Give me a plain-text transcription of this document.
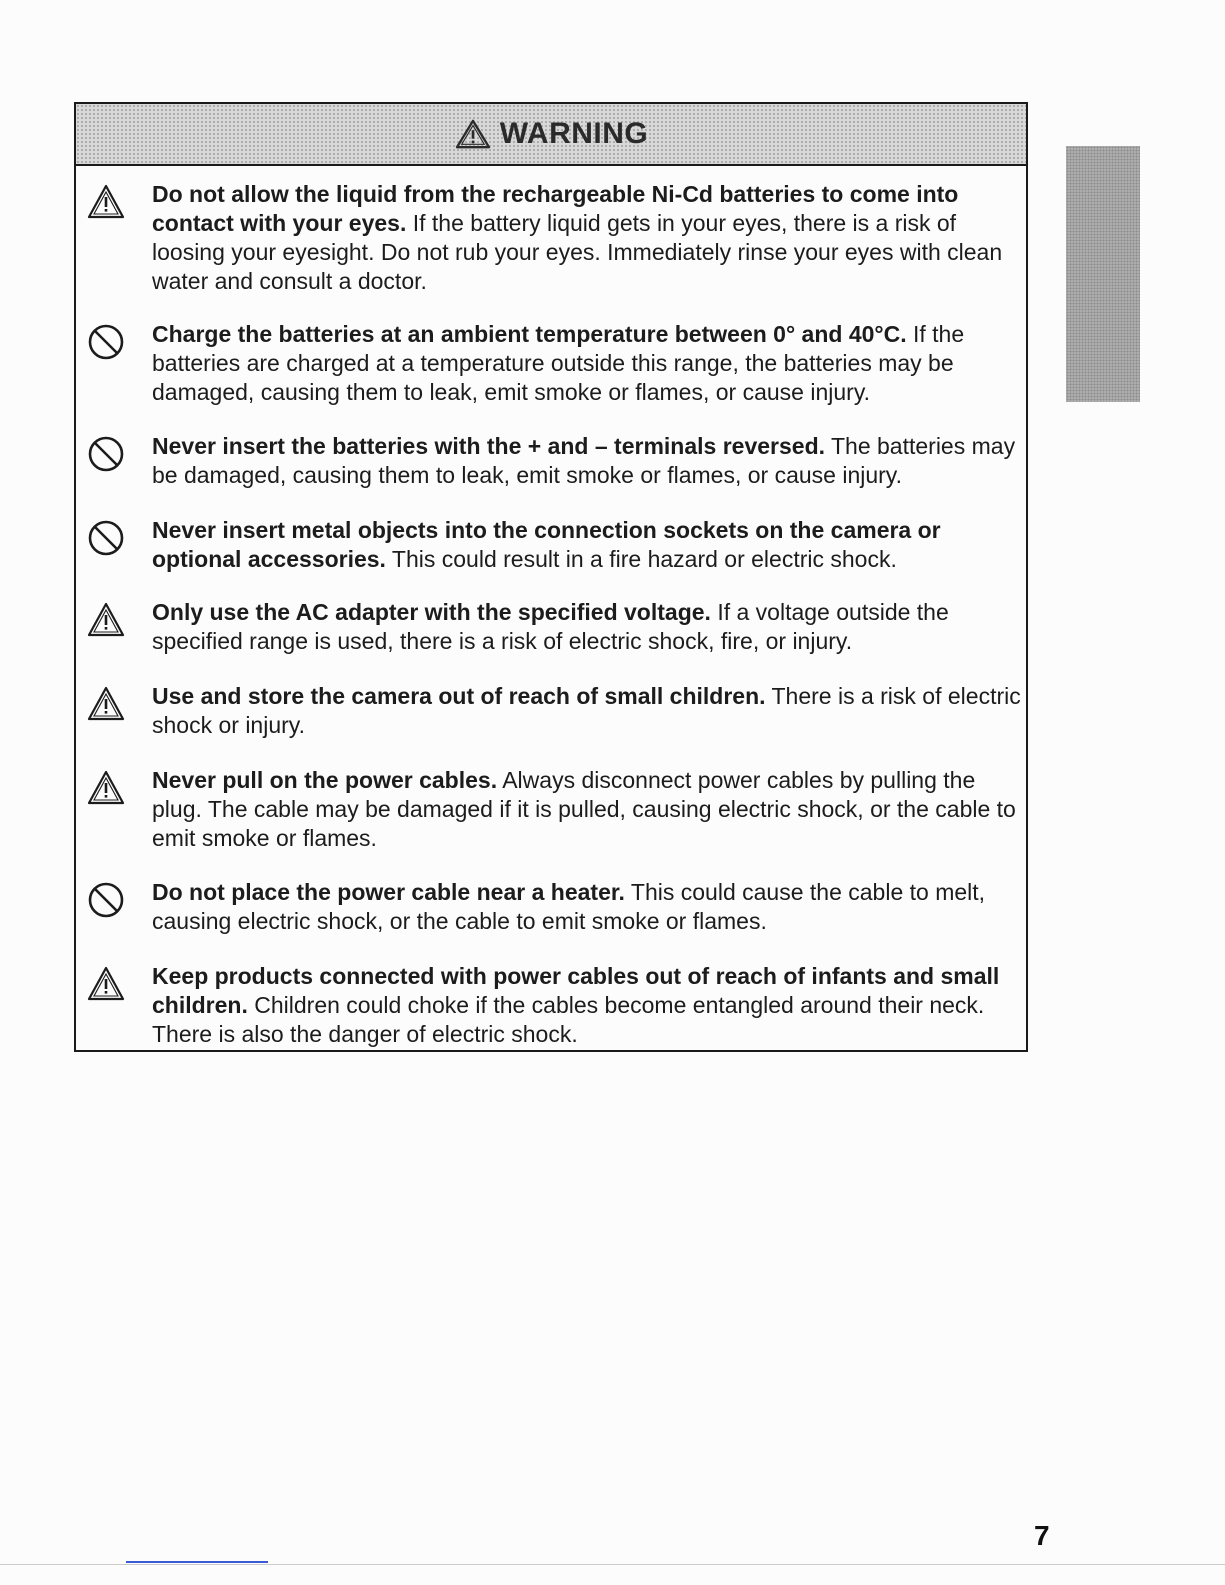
WARNING

Do not allow the liquid from the rechargeable Ni-Cd batteries to come into contact with your eyes. If the battery liquid gets in your eyes, there is a risk of loosing your eyesight. Do not rub your eyes. Immediately rinse your eyes with clean water and consult a doctor.

Charge the batteries at an ambient temperature between 0° and 40°C. If the batteries are charged at a temperature outside this range, the batteries may be damaged, causing them to leak, emit smoke or flames, or cause injury.

Never insert the batteries with the + and – terminals reversed. The batteries may be damaged, causing them to leak, emit smoke or flames, or cause injury.

Never insert metal objects into the connection sockets on the camera or optional accessories. This could result in a fire hazard or electric shock.

Only use the AC adapter with the specified voltage. If a voltage outside the specified range is used, there is a risk of electric shock, fire, or injury.

Use and store the camera out of reach of small children. There is a risk of electric shock or injury.

Never pull on the power cables. Always disconnect power cables by pulling the plug. The cable may be damaged if it is pulled, causing electric shock, or the cable to emit smoke or flames.

Do not place the power cable near a heater. This could cause the cable to melt, causing electric shock, or the cable to emit smoke or flames.

Keep products connected with power cables out of reach of infants and small children. Children could choke if the cables become entangled around their neck. There is also the danger of electric shock.

7
